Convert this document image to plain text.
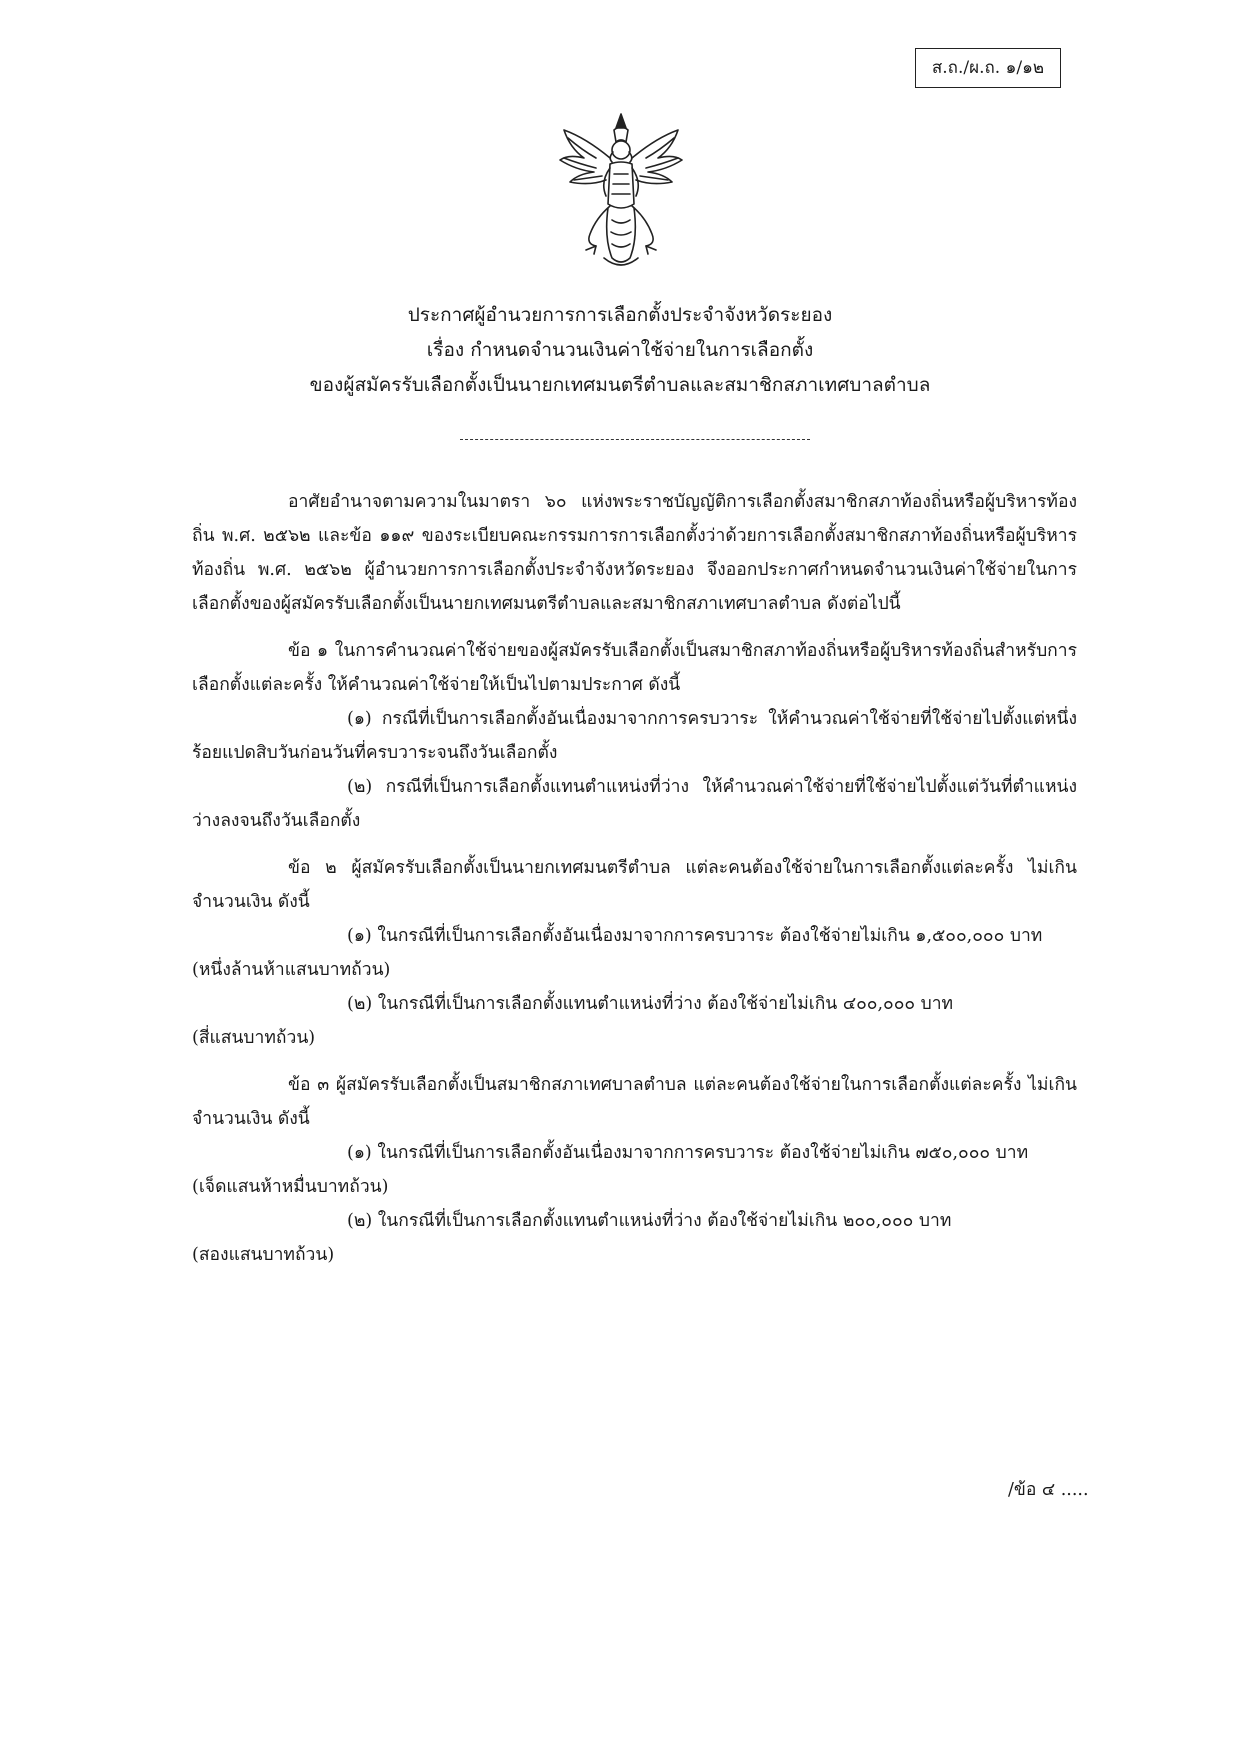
ส.ถ./ผ.ถ. ๑/๑๒
ประกาศผู้อำนวยการการเลือกตั้งประจำจังหวัดระยอง
เรื่อง กำหนดจำนวนเงินค่าใช้จ่ายในการเลือกตั้ง
ของผู้สมัครรับเลือกตั้งเป็นนายกเทศมนตรีตำบลและสมาชิกสภาเทศบาลตำบล

อาศัยอำนาจตามความในมาตรา ๖๐ แห่งพระราชบัญญัติการเลือกตั้งสมาชิกสภาท้องถิ่นหรือผู้บริหารท้องถิ่น พ.ศ. ๒๕๖๒ และข้อ ๑๑๙ ของระเบียบคณะกรรมการการเลือกตั้งว่าด้วยการเลือกตั้งสมาชิกสภาท้องถิ่นหรือผู้บริหารท้องถิ่น พ.ศ. ๒๕๖๒ ผู้อำนวยการการเลือกตั้งประจำจังหวัดระยอง จึงออกประกาศกำหนดจำนวนเงินค่าใช้จ่ายในการเลือกตั้งของผู้สมัครรับเลือกตั้งเป็นนายกเทศมนตรีตำบลและสมาชิกสภาเทศบาลตำบล ดังต่อไปนี้

ข้อ ๑ ในการคำนวณค่าใช้จ่ายของผู้สมัครรับเลือกตั้งเป็นสมาชิกสภาท้องถิ่นหรือผู้บริหารท้องถิ่นสำหรับการเลือกตั้งแต่ละครั้ง ให้คำนวณค่าใช้จ่ายให้เป็นไปตามประกาศ ดังนี้

(๑) กรณีที่เป็นการเลือกตั้งอันเนื่องมาจากการครบวาระ ให้คำนวณค่าใช้จ่ายที่ใช้จ่ายไปตั้งแต่หนึ่งร้อยแปดสิบวันก่อนวันที่ครบวาระจนถึงวันเลือกตั้ง

(๒) กรณีที่เป็นการเลือกตั้งแทนตำแหน่งที่ว่าง ให้คำนวณค่าใช้จ่ายที่ใช้จ่ายไปตั้งแต่วันที่ตำแหน่งว่างลงจนถึงวันเลือกตั้ง

ข้อ ๒ ผู้สมัครรับเลือกตั้งเป็นนายกเทศมนตรีตำบล แต่ละคนต้องใช้จ่ายในการเลือกตั้งแต่ละครั้ง ไม่เกินจำนวนเงิน ดังนี้

(๑) ในกรณีที่เป็นการเลือกตั้งอันเนื่องมาจากการครบวาระ ต้องใช้จ่ายไม่เกิน ๑,๕๐๐,๐๐๐ บาท

(หนึ่งล้านห้าแสนบาทถ้วน)

(๒) ในกรณีที่เป็นการเลือกตั้งแทนตำแหน่งที่ว่าง ต้องใช้จ่ายไม่เกิน ๔๐๐,๐๐๐ บาท

(สี่แสนบาทถ้วน)

ข้อ ๓ ผู้สมัครรับเลือกตั้งเป็นสมาชิกสภาเทศบาลตำบล แต่ละคนต้องใช้จ่ายในการเลือกตั้งแต่ละครั้ง ไม่เกินจำนวนเงิน ดังนี้

(๑) ในกรณีที่เป็นการเลือกตั้งอันเนื่องมาจากการครบวาระ ต้องใช้จ่ายไม่เกิน ๗๕๐,๐๐๐ บาท

(เจ็ดแสนห้าหมื่นบาทถ้วน)

(๒) ในกรณีที่เป็นการเลือกตั้งแทนตำแหน่งที่ว่าง ต้องใช้จ่ายไม่เกิน ๒๐๐,๐๐๐ บาท

(สองแสนบาทถ้วน)

/ข้อ ๔ .....
